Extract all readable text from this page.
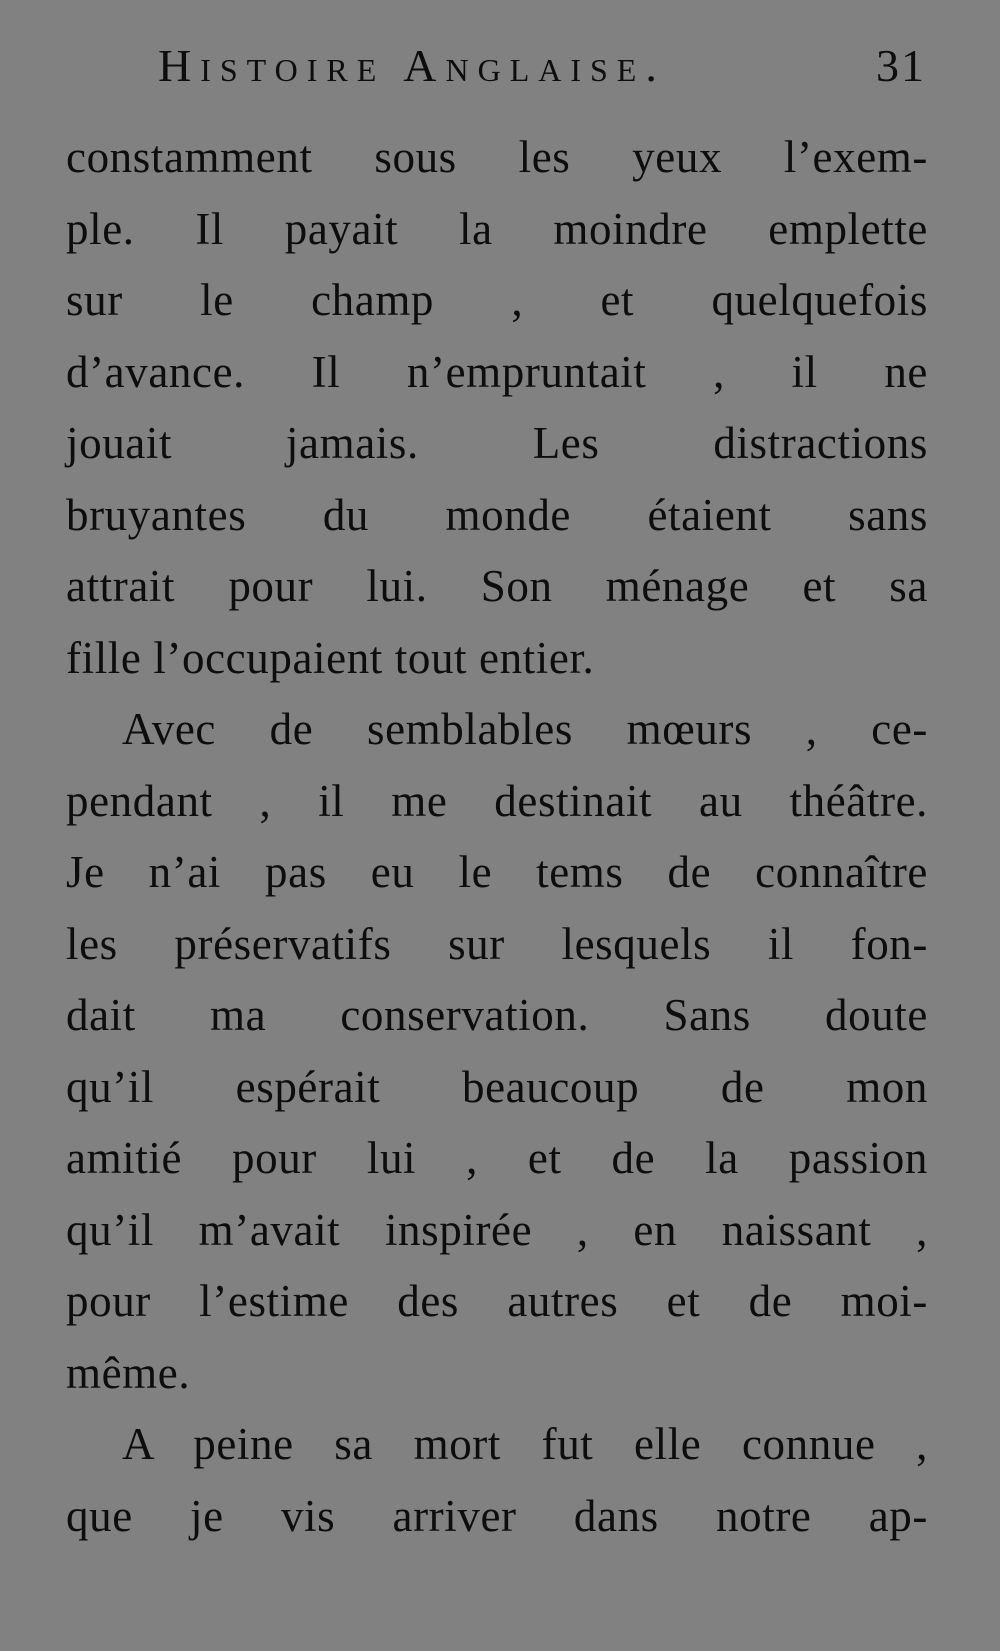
Histoire Anglaise.	31
constamment sous les yeux l’exem-
ple. Il payait la moindre emplette
sur le champ , et quelquefois
d’avance. Il n’empruntait , il ne
jouait jamais. Les distractions
bruyantes du monde étaient sans
attrait pour lui. Son ménage et sa
fille l’occupaient tout entier.
Avec de semblables mœurs , ce-
pendant , il me destinait au théâtre.
Je n’ai pas eu le tems de connaître
les préservatifs sur lesquels il fon-
dait ma conservation. Sans doute
qu’il espérait beaucoup de mon
amitié pour lui , et de la passion
qu’il m’avait inspirée , en naissant ,
pour l’estime des autres et de moi-
même.
A peine sa mort fut elle connue ,
que je vis arriver dans notre ap-
